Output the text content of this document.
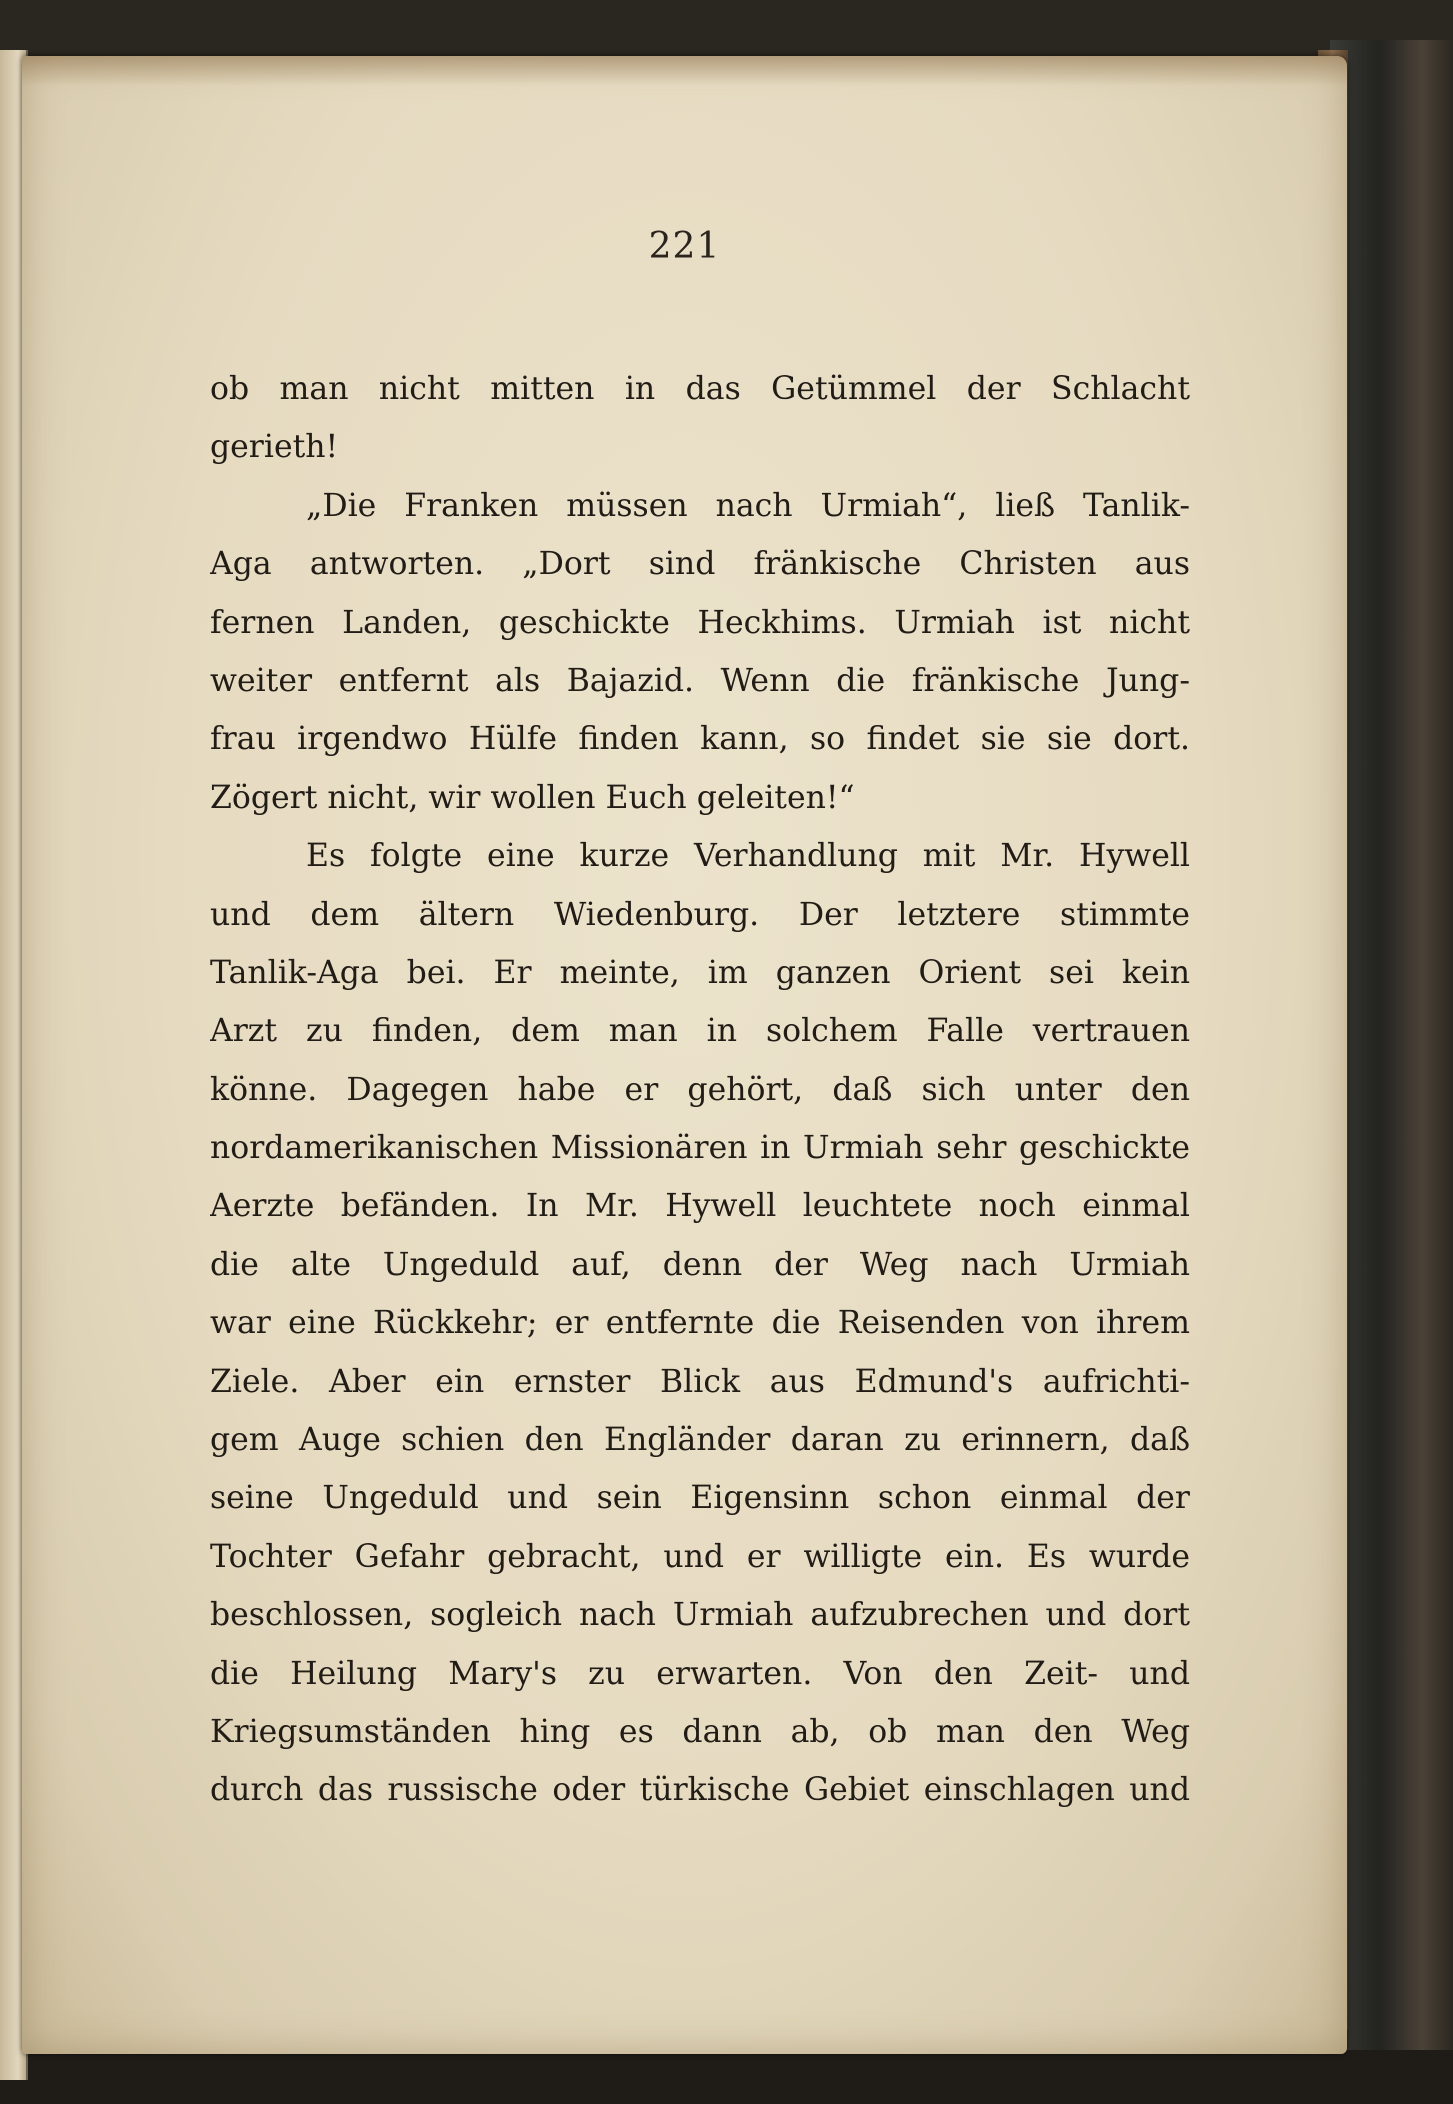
221
ob man nicht mitten in das Getümmel der Schlacht
gerieth!
„Die Franken müssen nach Urmiah“, ließ Tanlik-
Aga antworten. „Dort sind fränkische Christen aus
fernen Landen, geschickte Heckhims. Urmiah ist nicht
weiter entfernt als Bajazid. Wenn die fränkische Jung-
frau irgendwo Hülfe finden kann, so findet sie sie dort.
Zögert nicht, wir wollen Euch geleiten!“
Es folgte eine kurze Verhandlung mit Mr. Hywell
und dem ältern Wiedenburg. Der letztere stimmte
Tanlik-Aga bei. Er meinte, im ganzen Orient sei kein
Arzt zu finden, dem man in solchem Falle vertrauen
könne. Dagegen habe er gehört, daß sich unter den
nordamerikanischen Missionären in Urmiah sehr geschickte
Aerzte befänden. In Mr. Hywell leuchtete noch einmal
die alte Ungeduld auf, denn der Weg nach Urmiah
war eine Rückkehr; er entfernte die Reisenden von ihrem
Ziele. Aber ein ernster Blick aus Edmund's aufrichti-
gem Auge schien den Engländer daran zu erinnern, daß
seine Ungeduld und sein Eigensinn schon einmal der
Tochter Gefahr gebracht, und er willigte ein. Es wurde
beschlossen, sogleich nach Urmiah aufzubrechen und dort
die Heilung Mary's zu erwarten. Von den Zeit- und
Kriegsumständen hing es dann ab, ob man den Weg
durch das russische oder türkische Gebiet einschlagen und
